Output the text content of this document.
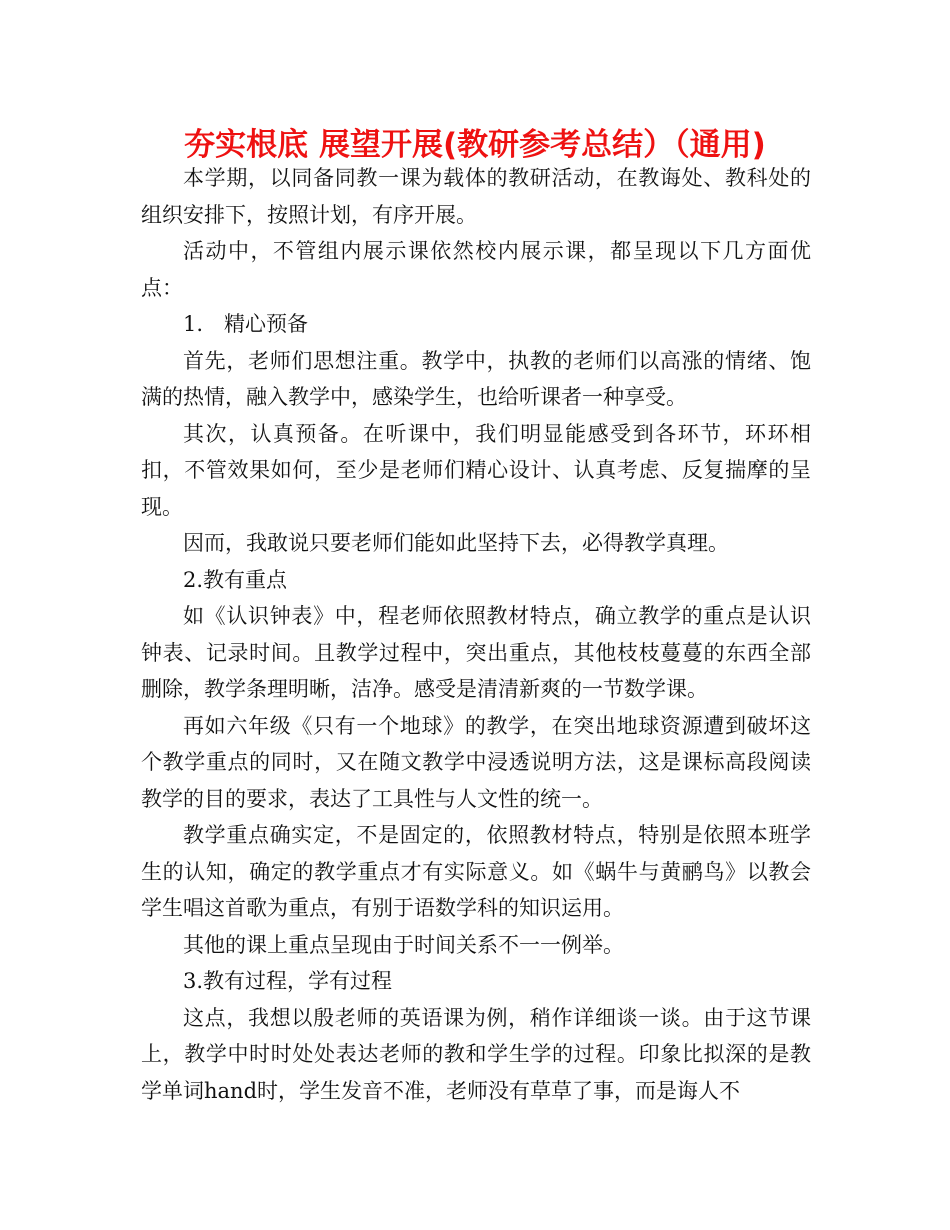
夯实根底 展望开展(教研参考总结）（通用)

本学期，以同备同教一课为载体的教研活动，在教诲处、教科处的组织安排下，按照计划，有序开展。

活动中，不管组内展示课依然校内展示课，都呈现以下几方面优点：

1.　精心预备

首先，老师们思想注重。教学中，执教的老师们以高涨的情绪、饱满的热情，融入教学中，感染学生，也给听课者一种享受。

其次，认真预备。在听课中，我们明显能感受到各环节，环环相扣，不管效果如何，至少是老师们精心设计、认真考虑、反复揣摩的呈现。

因而，我敢说只要老师们能如此坚持下去，必得教学真理。

2.教有重点

如《认识钟表》中，程老师依照教材特点，确立教学的重点是认识钟表、记录时间。且教学过程中，突出重点，其他枝枝蔓蔓的东西全部删除，教学条理明晰，洁净。感受是清清新爽的一节数学课。

再如六年级《只有一个地球》的教学，在突出地球资源遭到破坏这个教学重点的同时，又在随文教学中浸透说明方法，这是课标高段阅读教学的目的要求，表达了工具性与人文性的统一。

教学重点确实定，不是固定的，依照教材特点，特别是依照本班学生的认知，确定的教学重点才有实际意义。如《蜗牛与黄鹂鸟》以教会学生唱这首歌为重点，有别于语数学科的知识运用。

其他的课上重点呈现由于时间关系不一一例举。

3.教有过程，学有过程

这点，我想以殷老师的英语课为例，稍作详细谈一谈。由于这节课上，教学中时时处处表达老师的教和学生学的过程。印象比拟深的是教学单词hand时，学生发音不准，老师没有草草了事，而是诲人不
